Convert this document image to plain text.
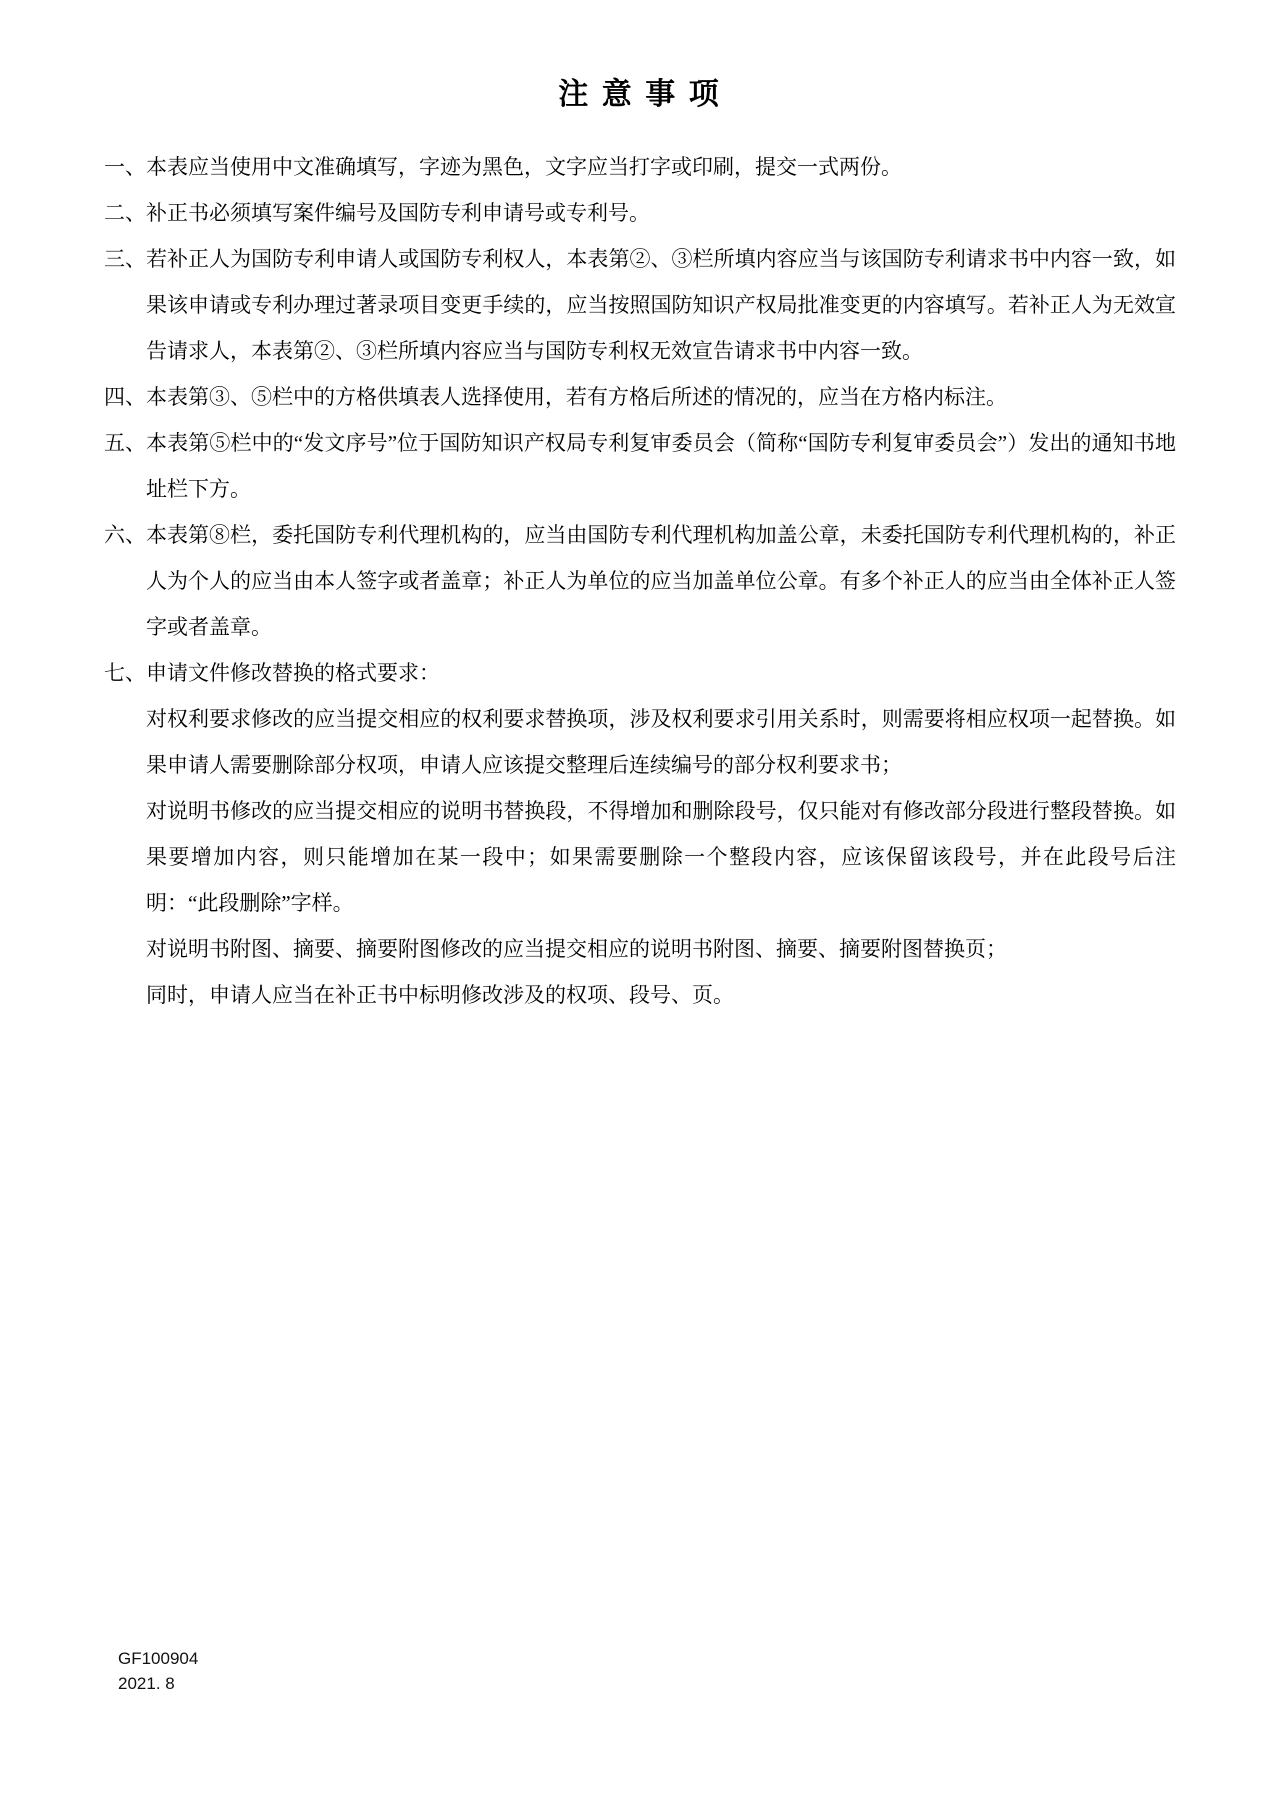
注 意 事 项
一、 本表应当使用中文准确填写，字迹为黑色，文字应当打字或印刷，提交一式两份。

二、 补正书必须填写案件编号及国防专利申请号或专利号。

三、 若补正人为国防专利申请人或国防专利权人，本表第②、③栏所填内容应当与该国防专利请求书中内容一致，如果该申请或专利办理过著录项目变更手续的，应当按照国防知识产权局批准变更的内容填写。若补正人为无效宣告请求人，本表第②、③栏所填内容应当与国防专利权无效宣告请求书中内容一致。

四、 本表第③、⑤栏中的方格供填表人选择使用，若有方格后所述的情况的，应当在方格内标注。

五、 本表第⑤栏中的“发文序号”位于国防知识产权局专利复审委员会（简称“国防专利复审委员会”）发出的通知书地址栏下方。

六、 本表第⑧栏，委托国防专利代理机构的，应当由国防专利代理机构加盖公章，未委托国防专利代理机构的，补正人为个人的应当由本人签字或者盖章；补正人为单位的应当加盖单位公章。有多个补正人的应当由全体补正人签字或者盖章。

七、 申请文件修改替换的格式要求：

对权利要求修改的应当提交相应的权利要求替换项，涉及权利要求引用关系时，则需要将相应权项一起替换。如果申请人需要删除部分权项，申请人应该提交整理后连续编号的部分权利要求书；

对说明书修改的应当提交相应的说明书替换段，不得增加和删除段号，仅只能对有修改部分段进行整段替换。如果要增加内容，则只能增加在某一段中；如果需要删除一个整段内容，应该保留该段号，并在此段号后注明：“此段删除”字样。

对说明书附图、摘要、摘要附图修改的应当提交相应的说明书附图、摘要、摘要附图替换页；

同时，申请人应当在补正书中标明修改涉及的权项、段号、页。

GF100904
2021. 8
